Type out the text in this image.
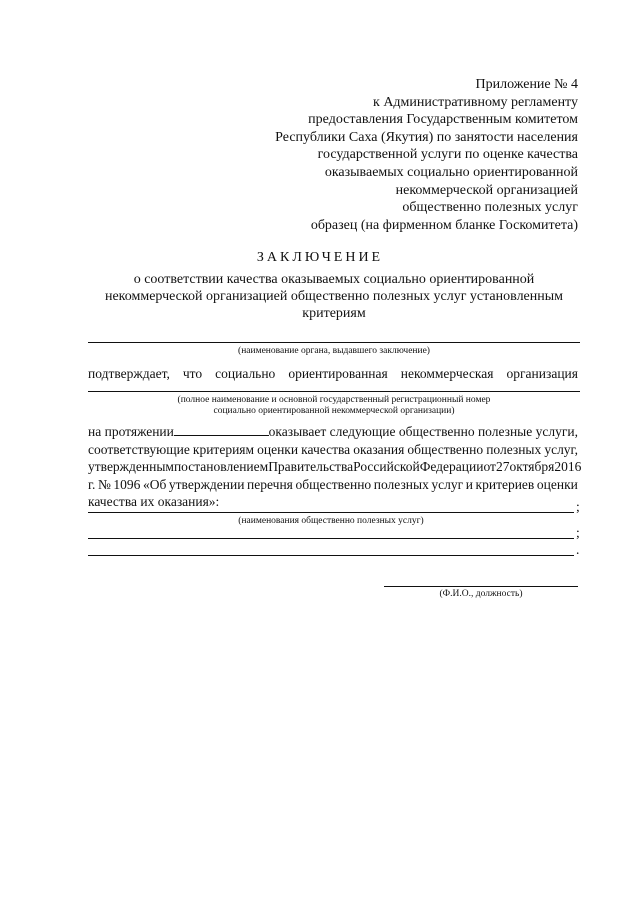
Приложение № 4
к Административному регламенту
предоставления Государственным комитетом
Республики Саха (Якутия) по занятости населения
государственной услуги по оценке качества
оказываемых социально ориентированной
некоммерческой организацией
общественно полезных услуг
образец (на фирменном бланке Госкомитета)
ЗАКЛЮЧЕНИЕ
о соответствии качества оказываемых социально ориентированной
некоммерческой организацией общественно полезных услуг установленным
критериям
(наименование органа, выдавшего заключение)
подтверждает, что социально ориентированная некоммерческая организация
(полное наименование и основной государственный регистрационный номер
социально ориентированной некоммерческой организации)
на протяжении	оказывает следующие общественно полезные услуги,
соответствующие критериям оценки качества оказания общественно полезных услуг,
утвержденным постановлением Правительства Российской Федерации от 27 октября 2016
г. № 1096 «Об утверждении перечня общественно полезных услуг и критериев оценки
качества их оказания»:	;
(наименования общественно полезных услуг)
;
.
(Ф.И.О., должность)
